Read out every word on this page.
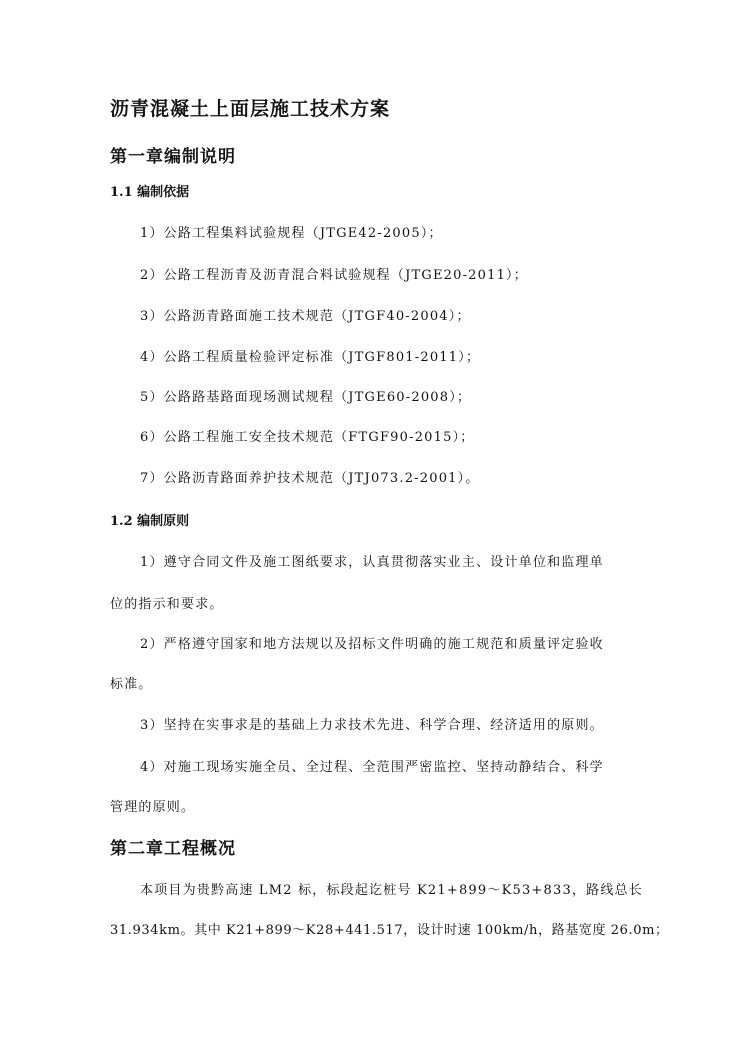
沥青混凝土上面层施工技术方案
第一章编制说明
1.1 编制依据
1）公路工程集料试验规程（JTGE42-2005）；
2）公路工程沥青及沥青混合料试验规程（JTGE20-2011）；
3）公路沥青路面施工技术规范（JTGF40-2004）；
4）公路工程质量检验评定标准（JTGF801-2011）；
5）公路路基路面现场测试规程（JTGE60-2008）；
6）公路工程施工安全技术规范（FTGF90-2015）；
7）公路沥青路面养护技术规范（JTJ073.2-2001）。
1.2 编制原则
1）遵守合同文件及施工图纸要求，认真贯彻落实业主、设计单位和监理单
位的指示和要求。
2）严格遵守国家和地方法规以及招标文件明确的施工规范和质量评定验收
标准。
3）坚持在实事求是的基础上力求技术先进、科学合理、经济适用的原则。
4）对施工现场实施全员、全过程、全范围严密监控、坚持动静结合、科学
管理的原则。
第二章工程概况
本项目为贵黔高速 LM2 标，标段起讫桩号 K21+899～K53+833，路线总长
31.934km。其中 K21+899～K28+441.517，设计时速 100km/h，路基宽度 26.0m；
